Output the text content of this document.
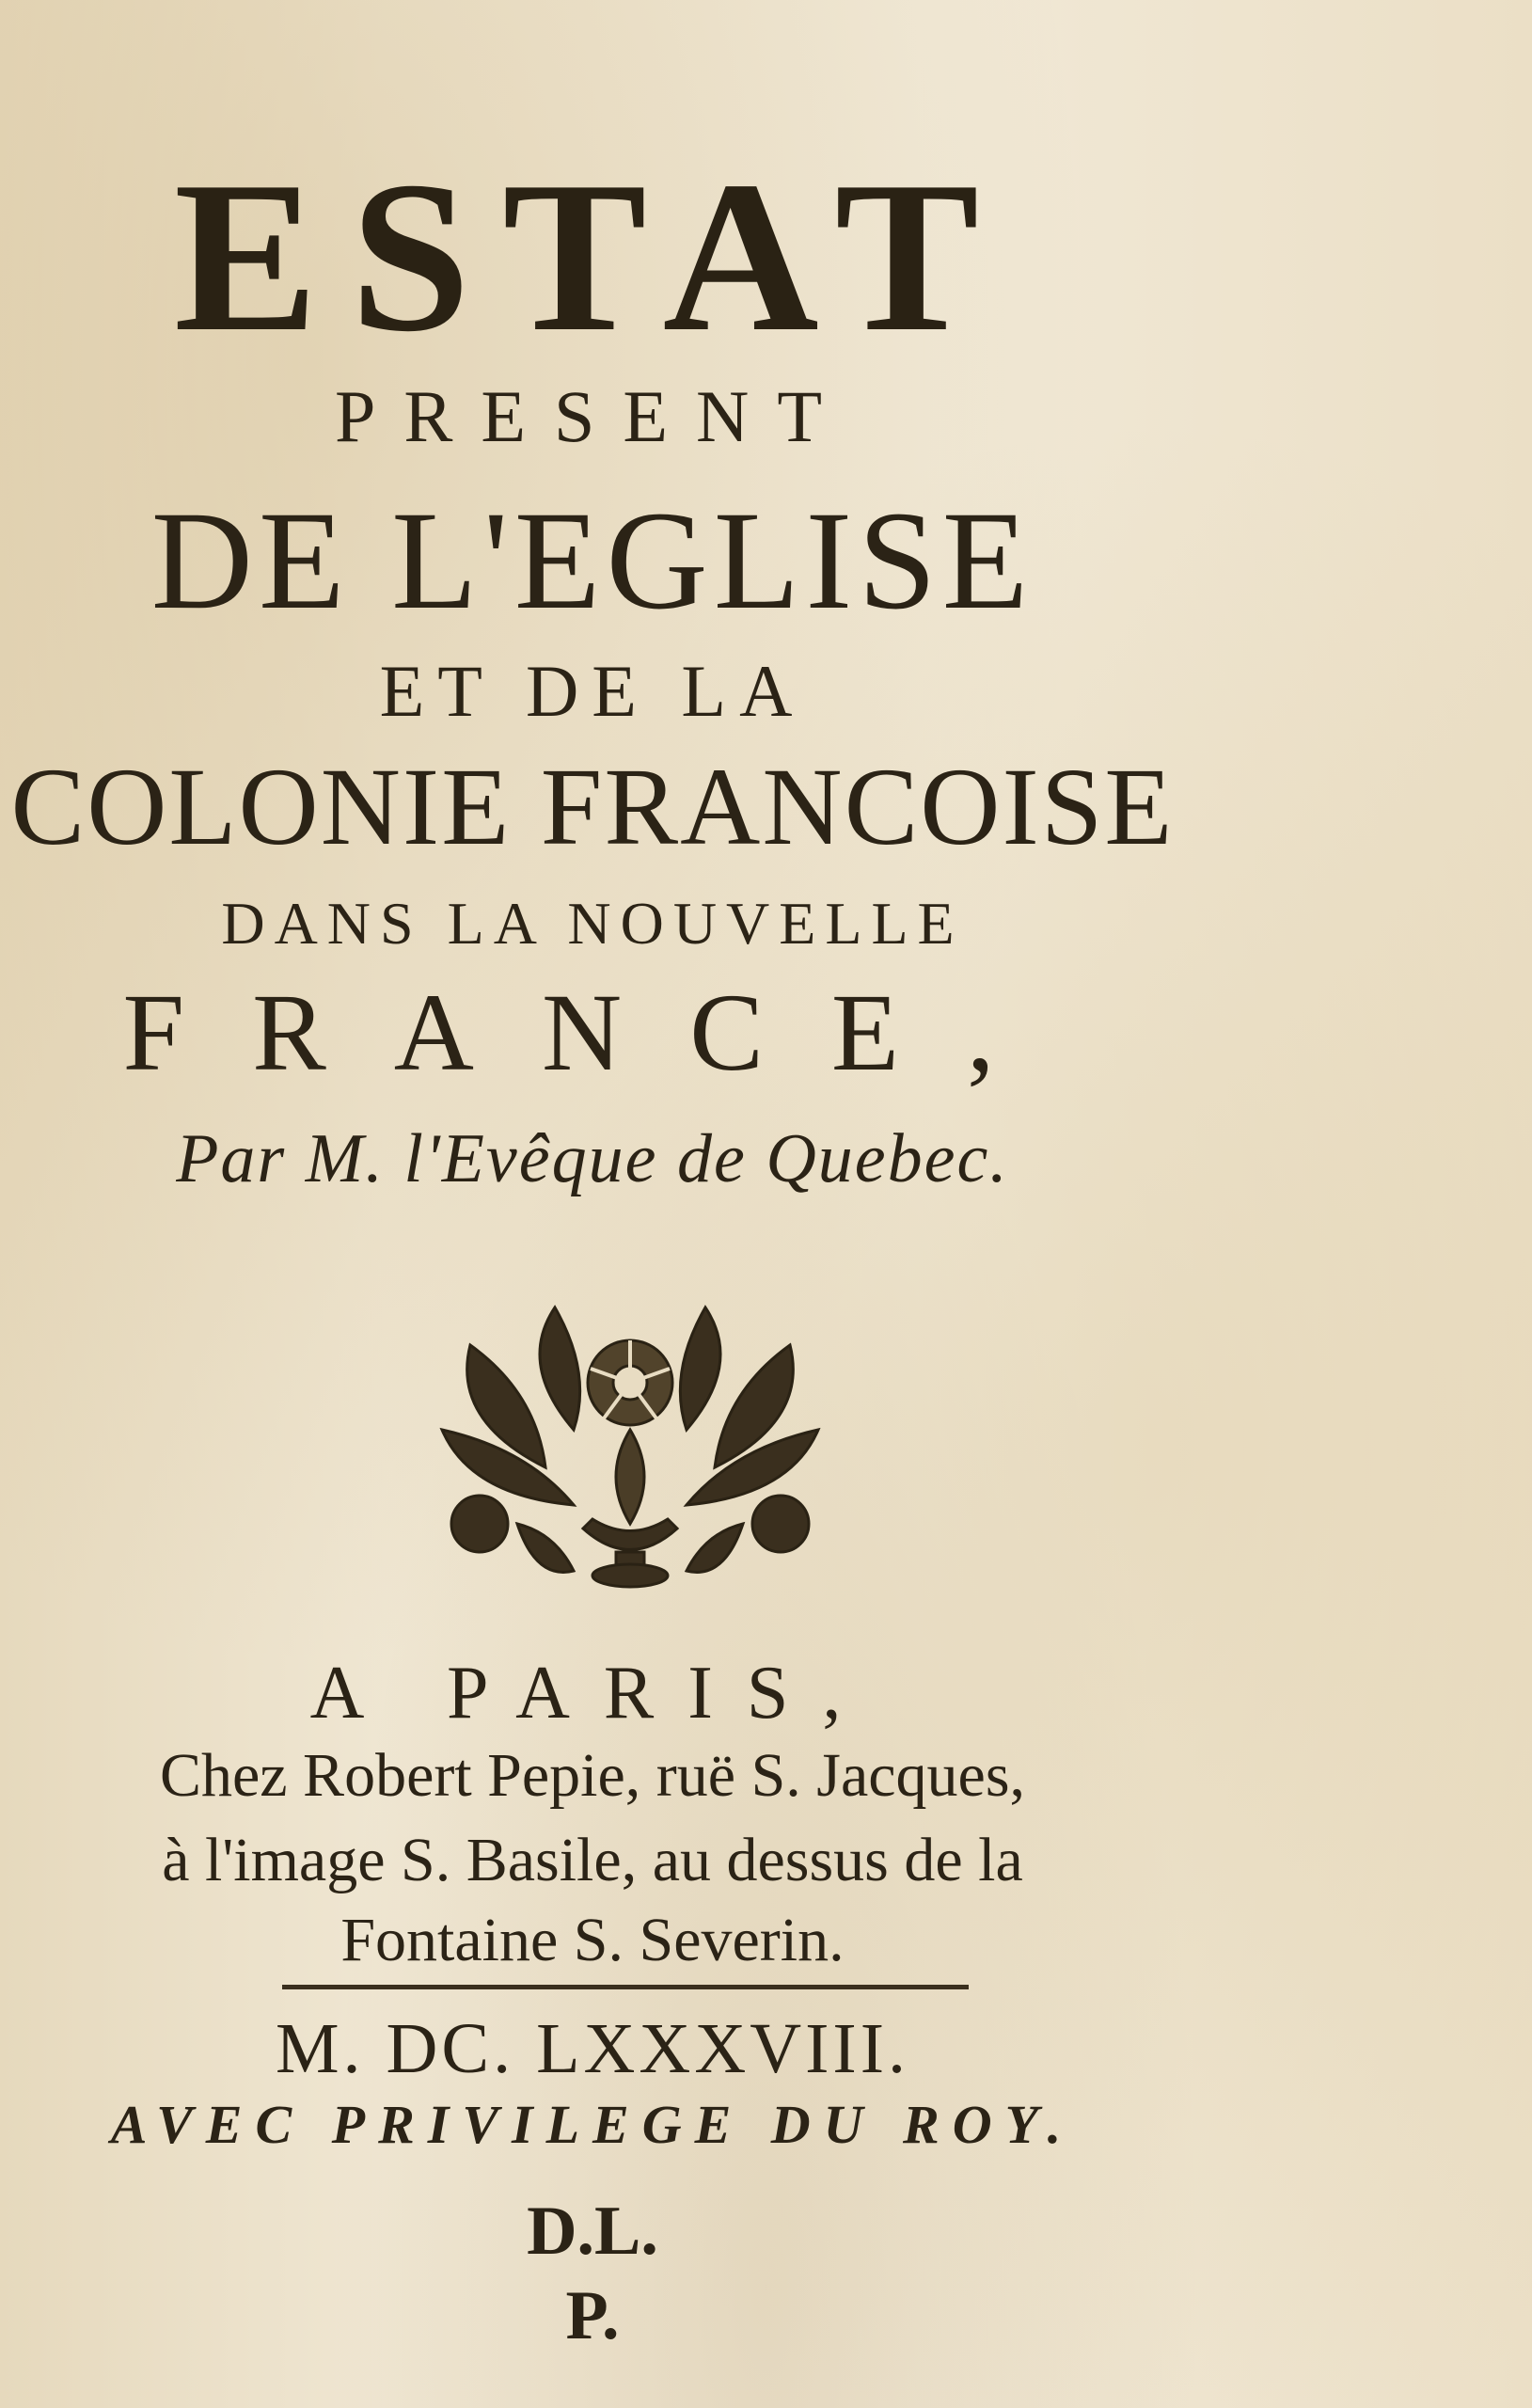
ESTAT
PRESENT
DE L'EGLISE
ET DE LA
COLONIE FRANCOISE
DANS LA NOUVELLE
FRANCE,
Par M. l'Evêque de Quebec.
A PARIS,
Chez Robert Pepie, ruë S. Jacques,
à l'image S. Basile, au dessus de la
Fontaine S. Severin.
M. DC. LXXXVIII.
AVEC PRIVILEGE DU ROY.
D.L.
P.
